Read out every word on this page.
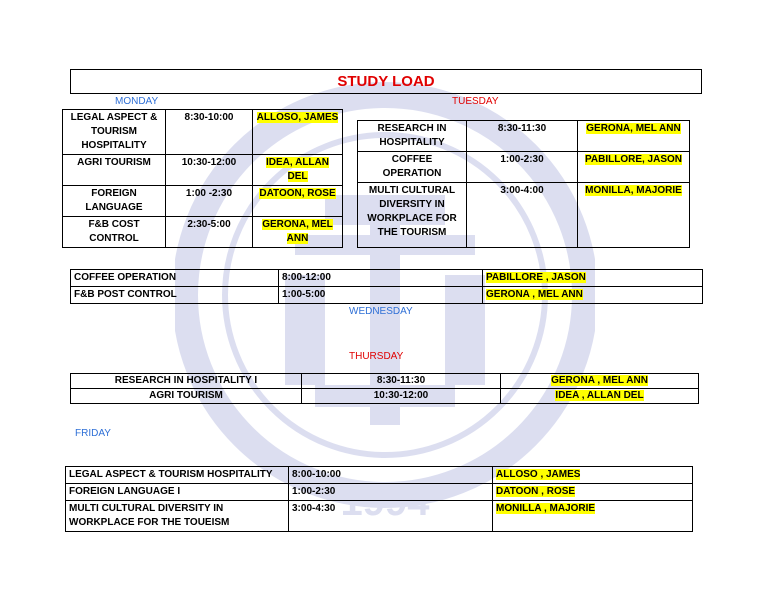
1994
STUDY LOAD
MONDAY
LEGAL ASPECT & TOURISM HOSPITALITY	8:30-10:00	ALLOSO, JAMES
AGRI TOURISM	10:30-12:00	IDEA, ALLAN DEL
FOREIGN LANGUAGE	1:00 -2:30	DATOON, ROSE
F&B COST CONTROL	2:30-5:00	GERONA, MEL ANN
TUESDAY
RESEARCH IN HOSPITALITY	8:30-11:30	GERONA, MEL ANN
COFFEE OPERATION	1:00-2:30	PABILLORE, JASON
MULTI CULTURAL DIVERSITY IN WORKPLACE FOR THE TOURISM	3:00-4:00	MONILLA, MAJORIE
COFFEE OPERATION	8:00-12:00	PABILLORE , JASON
F&B POST CONTROL	1:00-5:00	GERONA , MEL ANN
WEDNESDAY
THURSDAY
RESEARCH IN HOSPITALITY I	8:30-11:30	GERONA , MEL ANN
AGRI TOURISM	10:30-12:00	IDEA , ALLAN DEL
FRIDAY
LEGAL ASPECT & TOURISM HOSPITALITY	8:00-10:00	ALLOSO , JAMES
FOREIGN LANGUAGE I	1:00-2:30	DATOON , ROSE
MULTI CULTURAL DIVERSITY IN WORKPLACE FOR THE TOUEISM	3:00-4:30	MONILLA , MAJORIE
